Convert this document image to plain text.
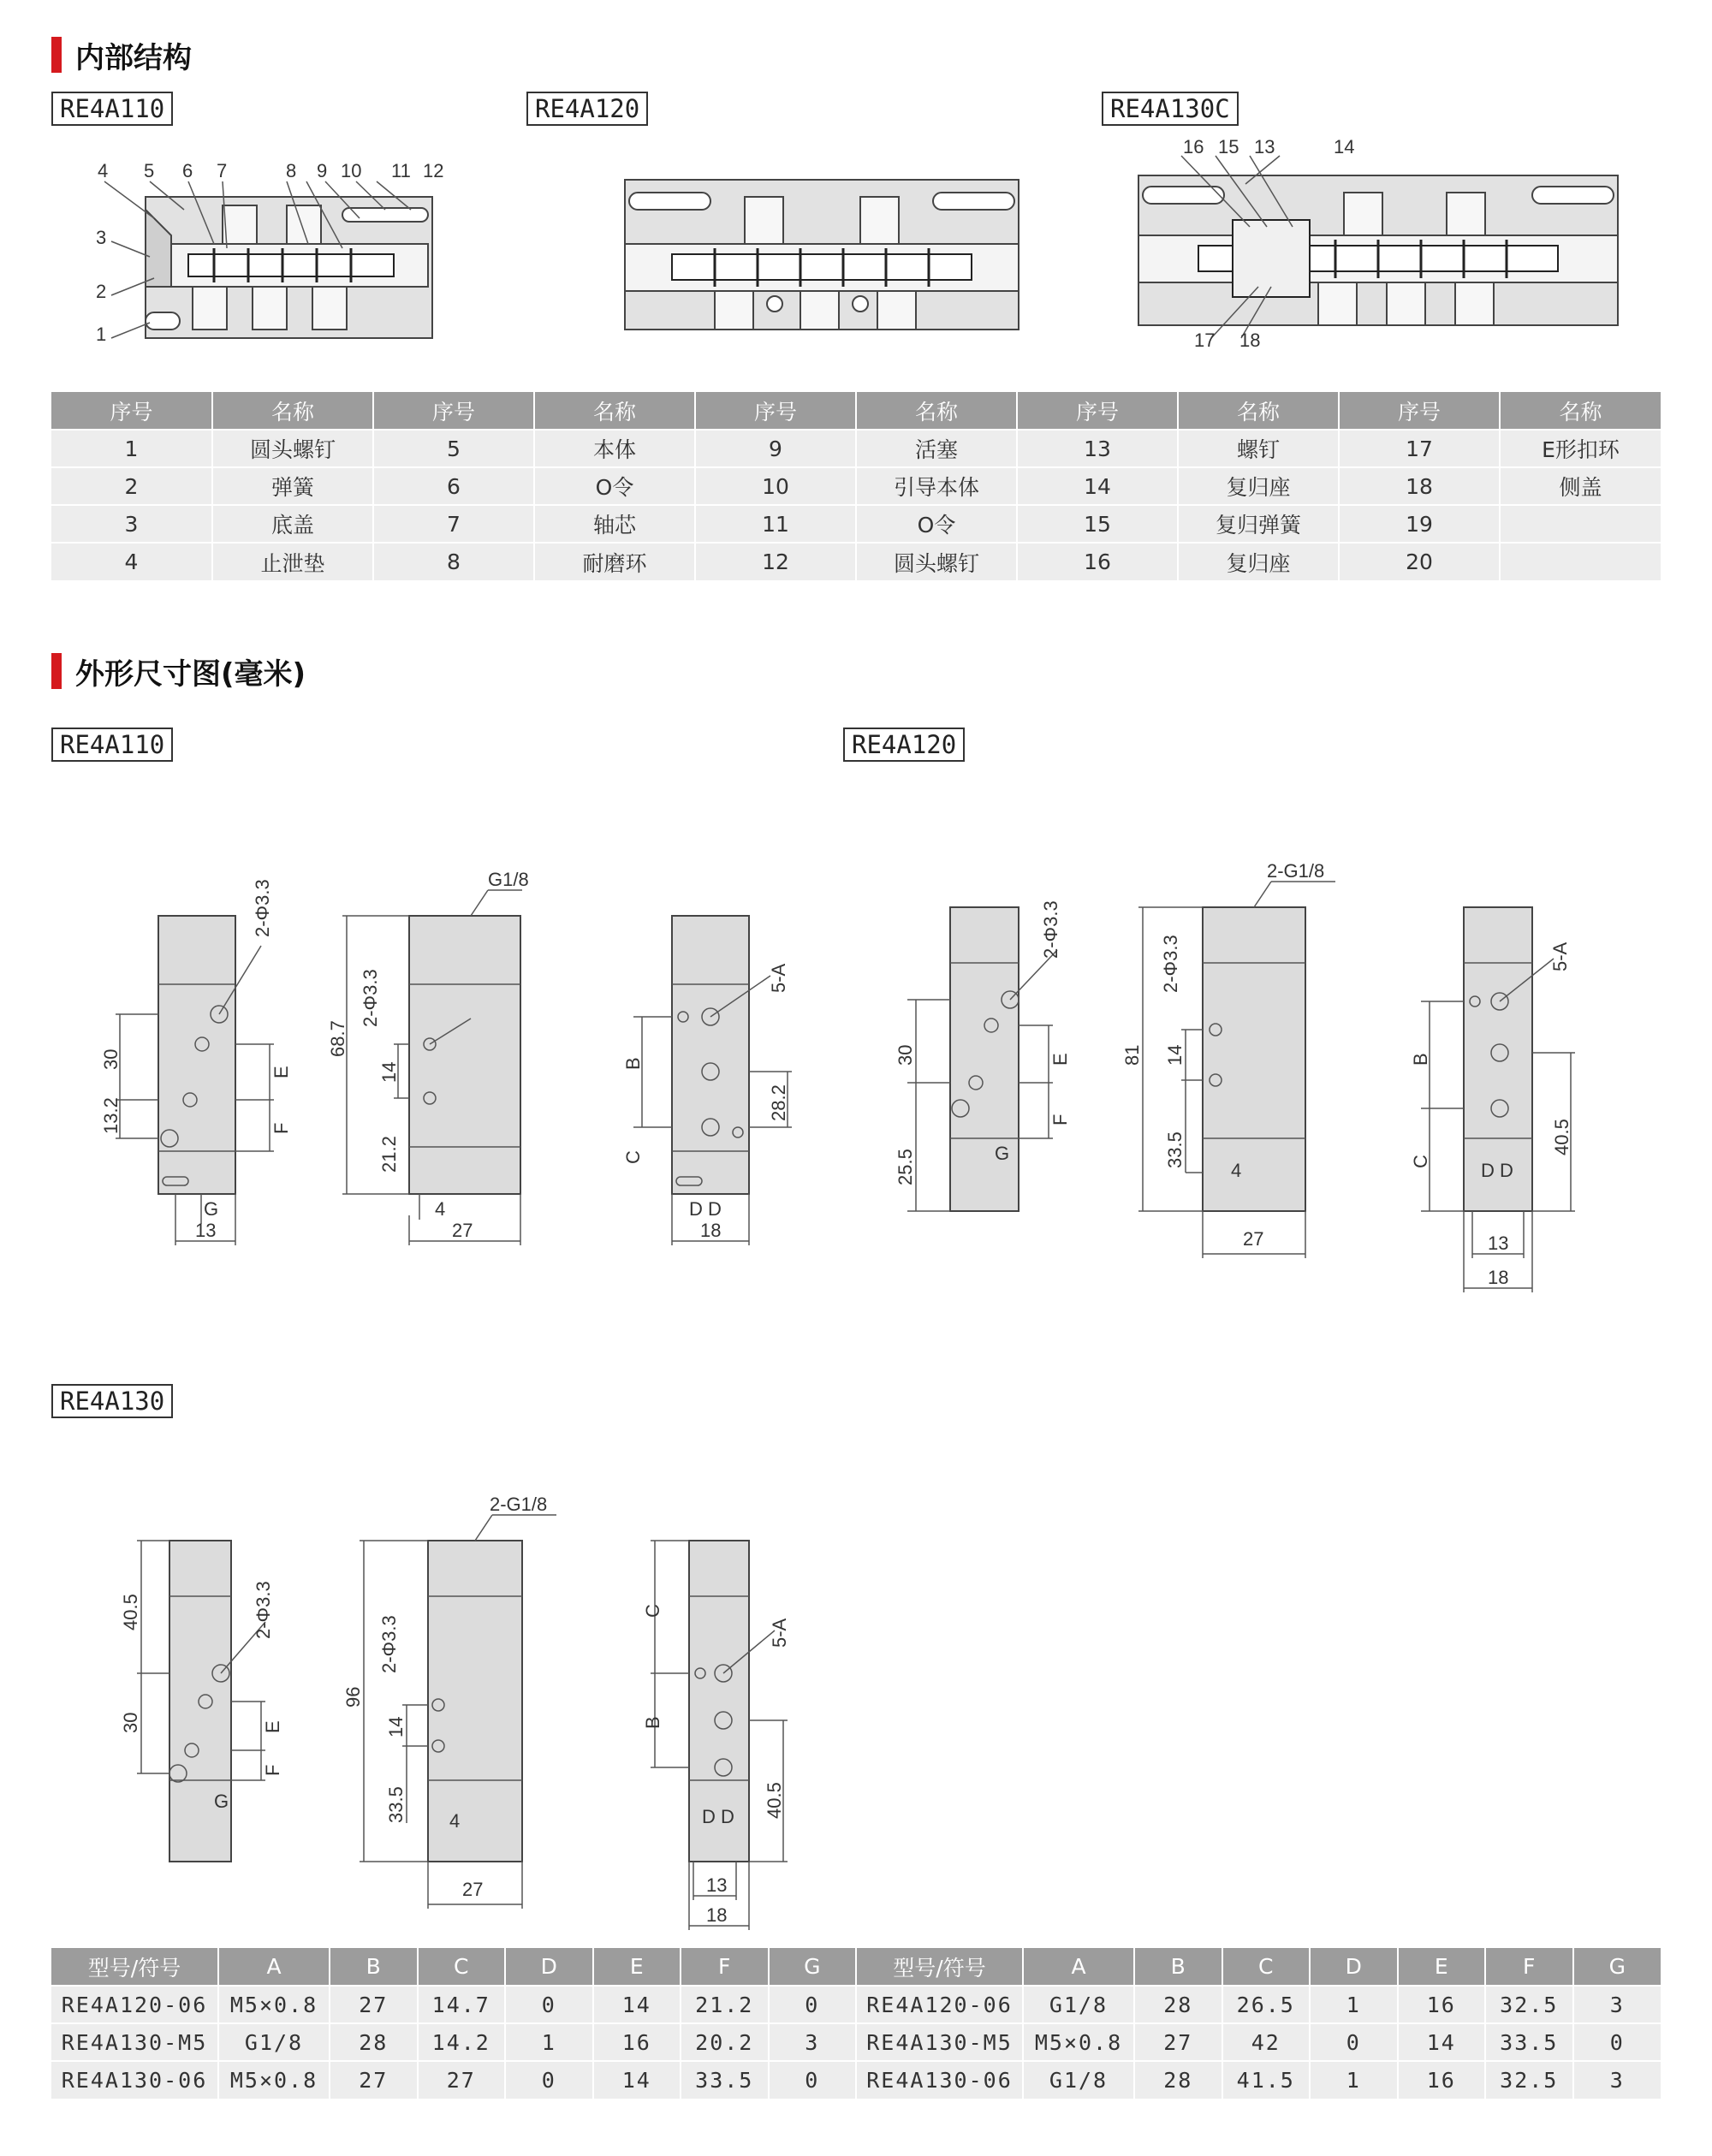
内部结构
RE4A110	RE4A120	RE4A130C
4 5 6 7	8 9 10 11 12
3
2
1
16 15 13	14
17 18
序号	名称	序号	名称	序号	名称	序号	名称	序号	名称
1	圆头螺钉	5	本体	9	活塞	13	螺钉	17	E形扣环
2	弹簧	6	O令	10	引导本体	14	复归座	18	侧盖
3	底盖	7	轴芯	11	O令	15	复归弹簧	19	
4	止泄垫	8	耐磨环	12	圆头螺钉	16	复归座	20	
外形尺寸图(毫米)
RE4A110	RE4A120
RE4A130
2-Φ3.3
30
13.2
E
F
G
13
G1/8
68.7
14
21.2
2-Φ3.3
4
27
5-A
B
C
28.2
D D
18
2-Φ3.3
30
25.5
E
F
G
2-G1/8
81
2-Φ3.3
14
33.5
4
27
5-A
B
C
40.5
D D
13
18
40.5	2-Φ3.3
30	E
F
G
2-G1/8
96
2-Φ3.3
14
33.5 4
27
C
5-A
B
D D 40.5
13
18
型号/符号	A	B	C	D	E	F	G	型号/符号	A	B	C	D	E	F	G
RE4A120-06	M5×0.8	27	14.7	0	14	21.2	0	RE4A120-06	G1/8	28	26.5	1	16	32.5	3
RE4A130-M5	G1/8	28	14.2	1	16	20.2	3	RE4A130-M5	M5×0.8	27	42	0	14	33.5	0
RE4A130-06	M5×0.8	27	27	0	14	33.5	0	RE4A130-06	G1/8	28	41.5	1	16	32.5	3
